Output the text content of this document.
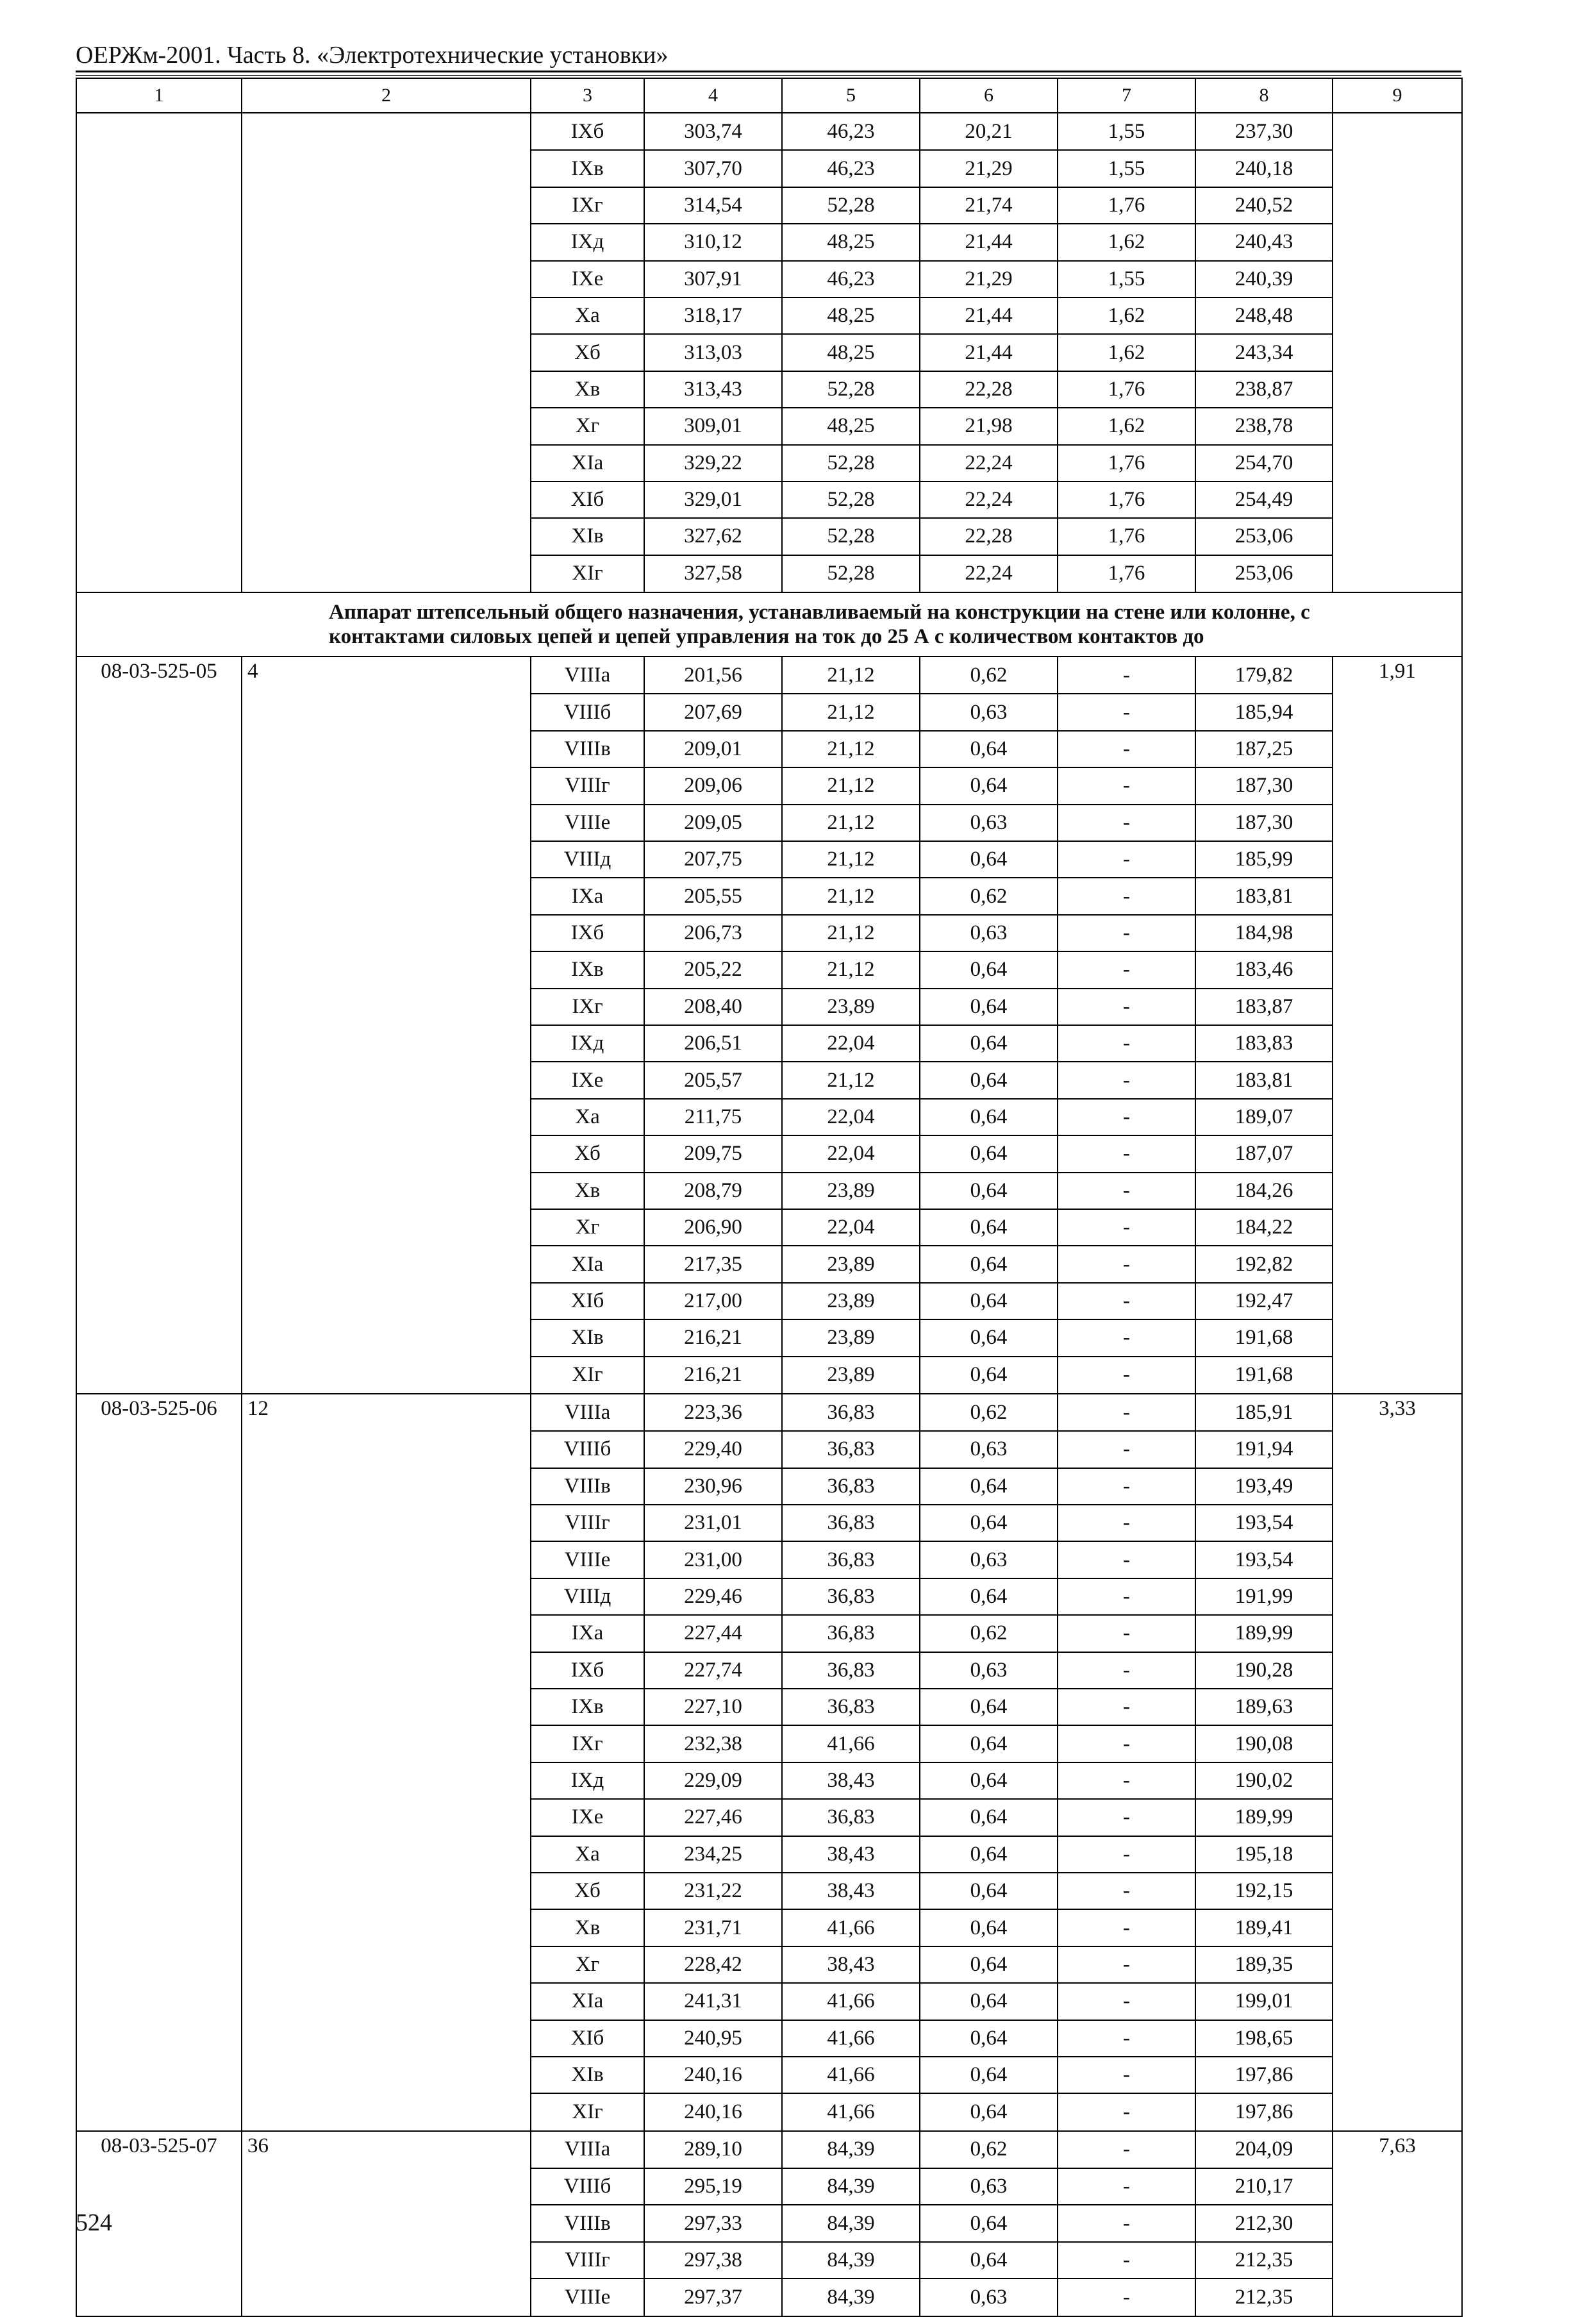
ОЕРЖм-2001. Часть 8. «Электротехнические установки»
1	2	3	4	5	6	7	8	9
		IXб	303,74	46,23	20,21	1,55	237,30	
		IXв	307,70	46,23	21,29	1,55	240,18	
		IXг	314,54	52,28	21,74	1,76	240,52	
		IXд	310,12	48,25	21,44	1,62	240,43	
		IXе	307,91	46,23	21,29	1,55	240,39	
		Xа	318,17	48,25	21,44	1,62	248,48	
		Xб	313,03	48,25	21,44	1,62	243,34	
		Xв	313,43	52,28	22,28	1,76	238,87	
		Xг	309,01	48,25	21,98	1,62	238,78	
		XIа	329,22	52,28	22,24	1,76	254,70	
		XIб	329,01	52,28	22,24	1,76	254,49	
		XIв	327,62	52,28	22,28	1,76	253,06	
		XIг	327,58	52,28	22,24	1,76	253,06	

Аппарат штепсельный общего назначения, устанавливаемый на конструкции на стене или колонне, с
контактами силовых цепей и цепей управления на ток до 25 А с количеством контактов до								

08-03-525-05	4	VIIIа	201,56	21,12	0,62	-	179,82	1,91
		VIIIб	207,69	21,12	0,63	-	185,94	
		VIIIв	209,01	21,12	0,64	-	187,25	
		VIIIг	209,06	21,12	0,64	-	187,30	
		VIIIе	209,05	21,12	0,63	-	187,30	
		VIIIд	207,75	21,12	0,64	-	185,99	
		IXа	205,55	21,12	0,62	-	183,81	
		IXб	206,73	21,12	0,63	-	184,98	
		IXв	205,22	21,12	0,64	-	183,46	
		IXг	208,40	23,89	0,64	-	183,87	
		IXд	206,51	22,04	0,64	-	183,83	
		IXе	205,57	21,12	0,64	-	183,81	
		Xа	211,75	22,04	0,64	-	189,07	
		Xб	209,75	22,04	0,64	-	187,07	
		Xв	208,79	23,89	0,64	-	184,26	
		Xг	206,90	22,04	0,64	-	184,22	
		XIа	217,35	23,89	0,64	-	192,82	
		XIб	217,00	23,89	0,64	-	192,47	
		XIв	216,21	23,89	0,64	-	191,68	
		XIг	216,21	23,89	0,64	-	191,68	
08-03-525-06	12	VIIIа	223,36	36,83	0,62	-	185,91	3,33
		VIIIб	229,40	36,83	0,63	-	191,94	
		VIIIв	230,96	36,83	0,64	-	193,49	
		VIIIг	231,01	36,83	0,64	-	193,54	
		VIIIе	231,00	36,83	0,63	-	193,54	
		VIIIд	229,46	36,83	0,64	-	191,99	
		IXа	227,44	36,83	0,62	-	189,99	
		IXб	227,74	36,83	0,63	-	190,28	
		IXв	227,10	36,83	0,64	-	189,63	
		IXг	232,38	41,66	0,64	-	190,08	
		IXд	229,09	38,43	0,64	-	190,02	
		IXе	227,46	36,83	0,64	-	189,99	
		Xа	234,25	38,43	0,64	-	195,18	
		Xб	231,22	38,43	0,64	-	192,15	
		Xв	231,71	41,66	0,64	-	189,41	
		Xг	228,42	38,43	0,64	-	189,35	
		XIа	241,31	41,66	0,64	-	199,01	
		XIб	240,95	41,66	0,64	-	198,65	
		XIв	240,16	41,66	0,64	-	197,86	
		XIг	240,16	41,66	0,64	-	197,86	
08-03-525-07	36	VIIIа	289,10	84,39	0,62	-	204,09	7,63
		VIIIб	295,19	84,39	0,63	-	210,17	
		VIIIв	297,33	84,39	0,64	-	212,30	
		VIIIг	297,38	84,39	0,64	-	212,35	
		VIIIе	297,37	84,39	0,63	-	212,35	
524
